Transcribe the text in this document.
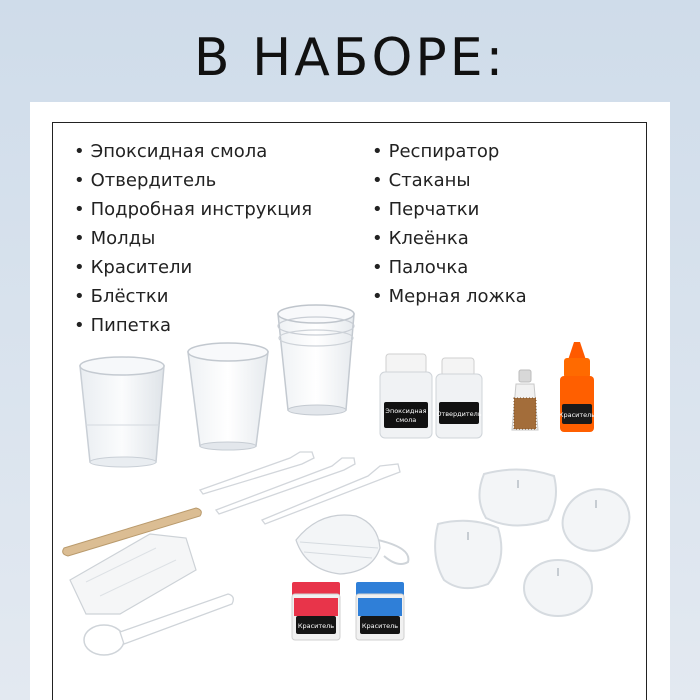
В НАБОРЕ:
• Эпоксидная смола
• Отвердитель
• Подробная инструкция
• Молды
• Красители
• Блёстки
• Пипетка
• Респиратор
• Стаканы
• Перчатки
• Клеёнка
• Палочка
• Мерная ложка
Эпоксидная
смола
Отвердитель	Краситель
Краситель	Краситель
